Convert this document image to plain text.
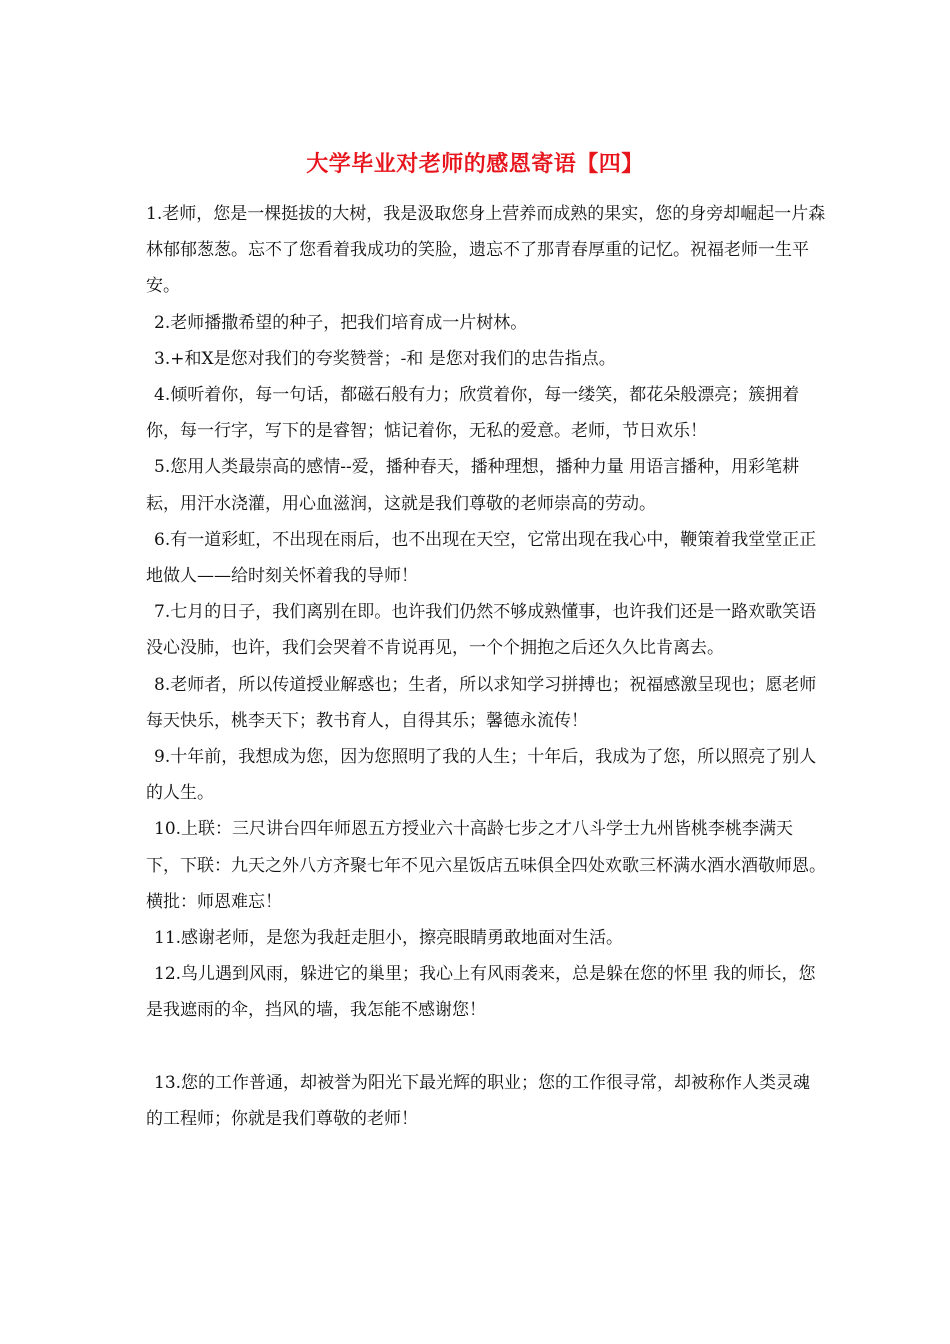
大学毕业对老师的感恩寄语【四】

1.老师，您是一棵挺拔的大树，我是汲取您身上营养而成熟的果实，您的身旁却崛起一片森林郁郁葱葱。忘不了您看着我成功的笑脸，遗忘不了那青春厚重的记忆。祝福老师一生平安。

2.老师播撒希望的种子，把我们培育成一片树林。

3.+和X是您对我们的夸奖赞誉；-和 是您对我们的忠告指点。

4.倾听着你，每一句话，都磁石般有力；欣赏着你，每一缕笑，都花朵般漂亮；簇拥着你，每一行字，写下的是睿智；惦记着你，无私的爱意。老师，节日欢乐！

5.您用人类最崇高的感情--爱，播种春天，播种理想，播种力量 用语言播种，用彩笔耕耘，用汗水浇灌，用心血滋润，这就是我们尊敬的老师崇高的劳动。

6.有一道彩虹，不出现在雨后，也不出现在天空，它常出现在我心中，鞭策着我堂堂正正地做人——给时刻关怀着我的导师！

7.七月的日子，我们离别在即。也许我们仍然不够成熟懂事，也许我们还是一路欢歌笑语没心没肺，也许，我们会哭着不肯说再见，一个个拥抱之后还久久比肯离去。

8.老师者，所以传道授业解惑也；生者，所以求知学习拼搏也；祝福感激呈现也；愿老师每天快乐，桃李天下；教书育人，自得其乐；馨德永流传！

9.十年前，我想成为您，因为您照明了我的人生；十年后，我成为了您，所以照亮了别人的人生。

10.上联：三尺讲台四年师恩五方授业六十高龄七步之才八斗学士九州皆桃李桃李满天下，下联：九天之外八方齐聚七年不见六星饭店五味俱全四处欢歌三杯满水酒水酒敬师恩。横批：师恩难忘！

11.感谢老师，是您为我赶走胆小，擦亮眼睛勇敢地面对生活。

12.鸟儿遇到风雨，躲进它的巢里；我心上有风雨袭来，总是躲在您的怀里 我的师长，您是我遮雨的伞，挡风的墙，我怎能不感谢您！

13.您的工作普通，却被誉为阳光下最光辉的职业；您的工作很寻常，却被称作人类灵魂的工程师；你就是我们尊敬的老师！
